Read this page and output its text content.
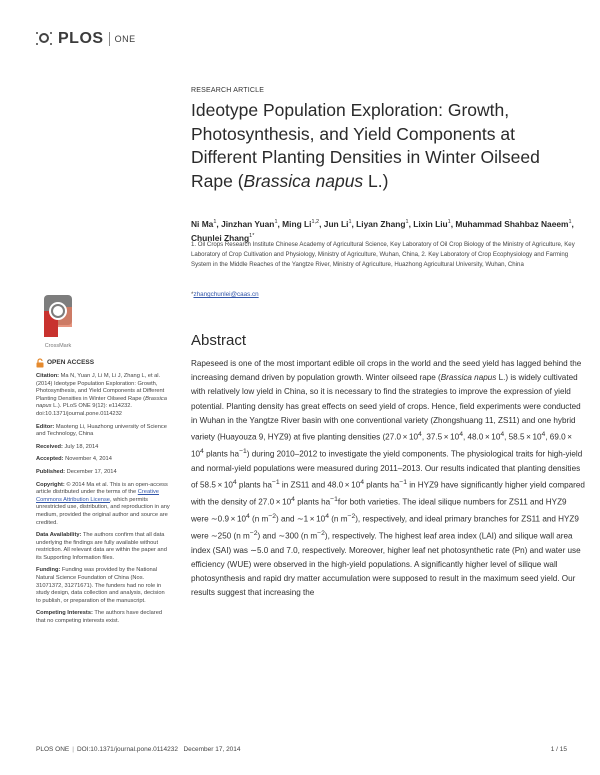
PLOS ONE
RESEARCH ARTICLE
Ideotype Population Exploration: Growth, Photosynthesis, and Yield Components at Different Planting Densities in Winter Oilseed Rape (Brassica napus L.)
Ni Ma$^1$, Jinzhan Yuan$^1$, Ming Li$^{1,2}$, Jun Li$^1$, Liyan Zhang$^1$, Lixin Liu$^1$, Muhammad Shahbaz Naeem$^1$, Chunlei Zhang$^{1*}$
1. Oil Crops Research Institute Chinese Academy of Agricultural Science, Key Laboratory of Oil Crop Biology of the Ministry of Agriculture, Key Laboratory of Crop Cultivation and Physiology, Ministry of Agriculture, Wuhan, China, 2. Key Laboratory of Crop Ecophysiology and Farming System in the Middle Reaches of the Yangtze River, Ministry of Agriculture, Huazhong Agricultural University, Wuhan, China
*zhangchunlei@caas.cn
CrossMark	Abstract

Rapeseed is one of the most important edible oil crops in the world and the seed yield has lagged behind the increasing demand driven by population growth. Winter oilseed rape (Brassica napus L.) is widely cultivated with relatively low yield in China, so it is necessary to find the strategies to improve the expression of yield potential. Planting density has great effects on seed yield of crops. Hence, field experiments were conducted in Wuhan in the Yangtze River basin with one conventional variety (Zhongshuang 11, ZS11) and one hybrid variety (Huayouza 9, HYZ9) at five planting densities ($27.0 \times 10^4$, $37.5 \times 10^4$, $48.0 \times 10^4$, $58.5 \times 10^4$, $69.0 \times 10^4$ plants $ha^{-1}$) during 2010–2012 to investigate the yield components. The physiological traits for high-yield and normal-yield populations were measured during 2011–2013. Our results indicated that planting densities of $58.5 \times 10^4$ plants $ha^{-1}$ in ZS11 and $48.0 \times 10^4$ plants $ha^{-1}$ in HYZ9 have significantly higher yield compared with the density of $27.0 \times 10^4$ plants $ha^{-1}for$ both varieties. The ideal silique numbers for ZS11 and HYZ9 were ∼0.9 × $10^4$ (n $m^{-2}$) and ∼1 × $10^4$ (n $m^{-2}$), respectively, and ideal primary branches for ZS11 and HYZ9 were ∼250 (n $m^{-2}$) and ∼300 (n $m^{-2}$), respectively. The highest leaf area index (LAI) and silique wall area index (SAI) was ∼5.0 and 7.0, respectively. Moreover, higher leaf net photosynthetic rate (Pn) and water use efficiency (WUE) were observed in the high-yield populations. A significantly higher level of silique wall photosynthesis and rapid dry matter accumulation were supposed to result in the maximum seed yield. Our results suggest that increasing the

OPEN ACCESS

Citation: Ma N, Yuan J, Li M, Li J, Zhang L, et al. (2014) Ideotype Population Exploration: Growth, Photosynthesis, and Yield Components at Different Planting Densities in Winter Oilseed Rape (Brassica napus L.). PLoS ONE 9(12): e114232. doi:10.1371/journal.pone.0114232

Editor: Maoteng Li, Huazhong university of Science and Technology, China

Received: July 18, 2014

Accepted: November 4, 2014

Published: December 17, 2014

Copyright: © 2014 Ma et al. This is an open-access article distributed under the terms of the Creative Commons Attribution License, which permits unrestricted use, distribution, and reproduction in any medium, provided the original author and source are credited.

Data Availability: The authors confirm that all data underlying the findings are fully available without restriction. All relevant data are within the paper and its Supporting Information files.

Funding: Funding was provided by the National Natural Science Foundation of China (Nos. 31071372, 31271671). The funders had no role in study design, data collection and analysis, decision to publish, or preparation of the manuscript.

Competing Interests: The authors have declared that no competing interests exist.

PLOS ONE | DOI:10.1371/journal.pone.0114232 December 17, 2014	1 / 15
